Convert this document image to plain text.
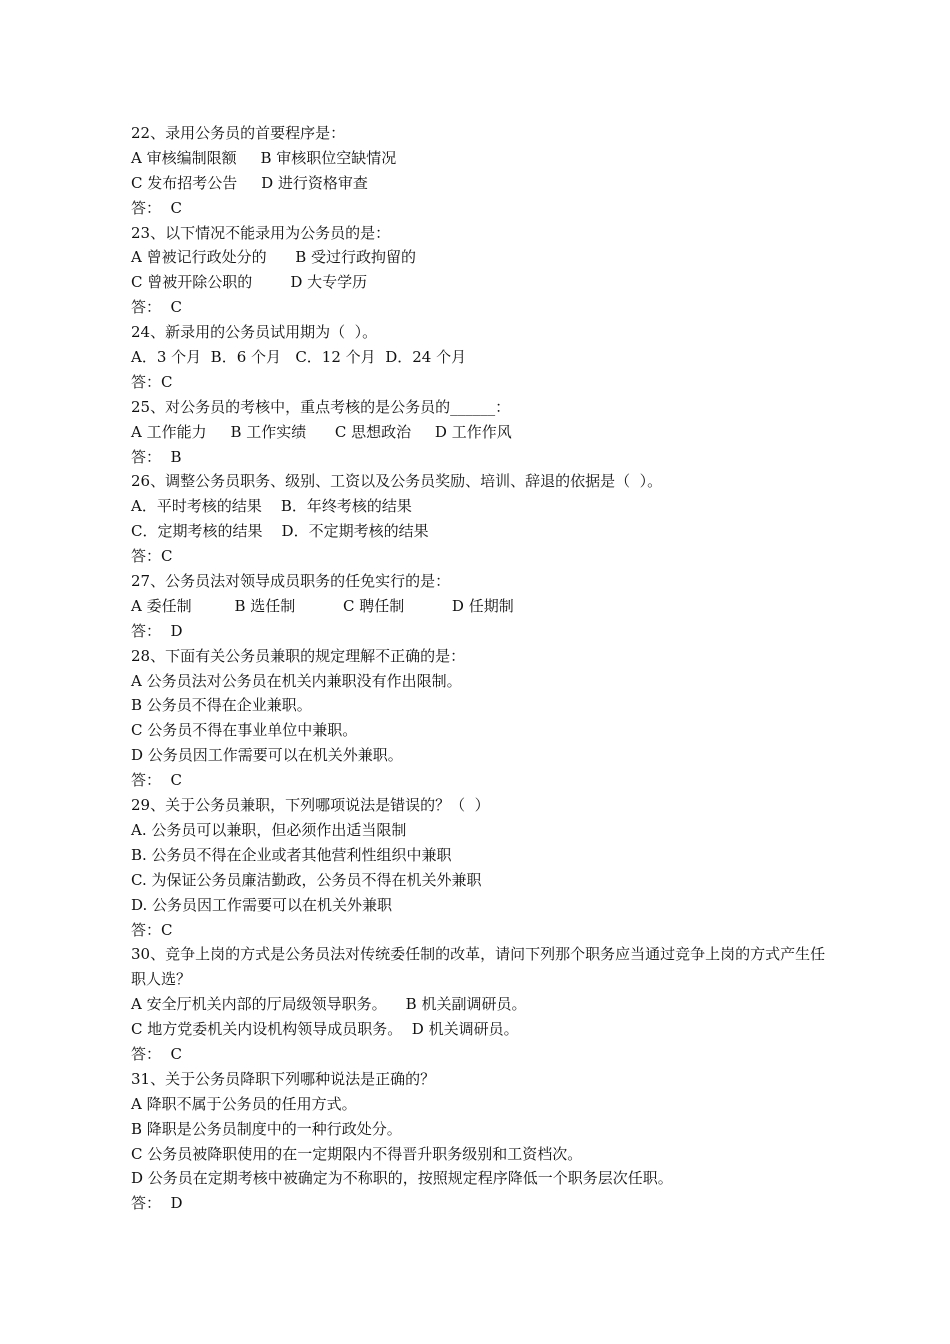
22、录用公务员的首要程序是：
A 审核编制限额     B 审核职位空缺情况
C 发布招考公告     D 进行资格审查
答：  C
23、以下情况不能录用为公务员的是：
A 曾被记行政处分的      B 受过行政拘留的
C 曾被开除公职的        D 大专学历
答：  C
24、新录用的公务员试用期为（  ）。
A．3 个月  B．6 个月   C．12 个月  D．24 个月
答：C
25、对公务员的考核中，重点考核的是公务员的______：
A 工作能力     B 工作实绩      C 思想政治     D 工作作风
答：  B
26、调整公务员职务、级别、工资以及公务员奖励、培训、辞退的依据是（  ）。
A．平时考核的结果    B．年终考核的结果
C．定期考核的结果    D．不定期考核的结果
答：C
27、公务员法对领导成员职务的任免实行的是：
A 委任制         B 选任制          C 聘任制          D 任期制
答：  D
28、下面有关公务员兼职的规定理解不正确的是：
A 公务员法对公务员在机关内兼职没有作出限制。
B 公务员不得在企业兼职。
C 公务员不得在事业单位中兼职。
D 公务员因工作需要可以在机关外兼职。
答：  C
29、关于公务员兼职，下列哪项说法是错误的？（  ）
A. 公务员可以兼职，但必须作出适当限制
B. 公务员不得在企业或者其他营利性组织中兼职
C. 为保证公务员廉洁勤政，公务员不得在机关外兼职
D. 公务员因工作需要可以在机关外兼职
答：C
30、竞争上岗的方式是公务员法对传统委任制的改革，请问下列那个职务应当通过竞争上岗的方式产生任职人选？
A 安全厅机关内部的厅局级领导职务。    B 机关副调研员。
C 地方党委机关内设机构领导成员职务。  D 机关调研员。
答：  C
31、关于公务员降职下列哪种说法是正确的？
A 降职不属于公务员的任用方式。
B 降职是公务员制度中的一种行政处分。
C 公务员被降职使用的在一定期限内不得晋升职务级别和工资档次。
D 公务员在定期考核中被确定为不称职的，按照规定程序降低一个职务层次任职。
答：  D
